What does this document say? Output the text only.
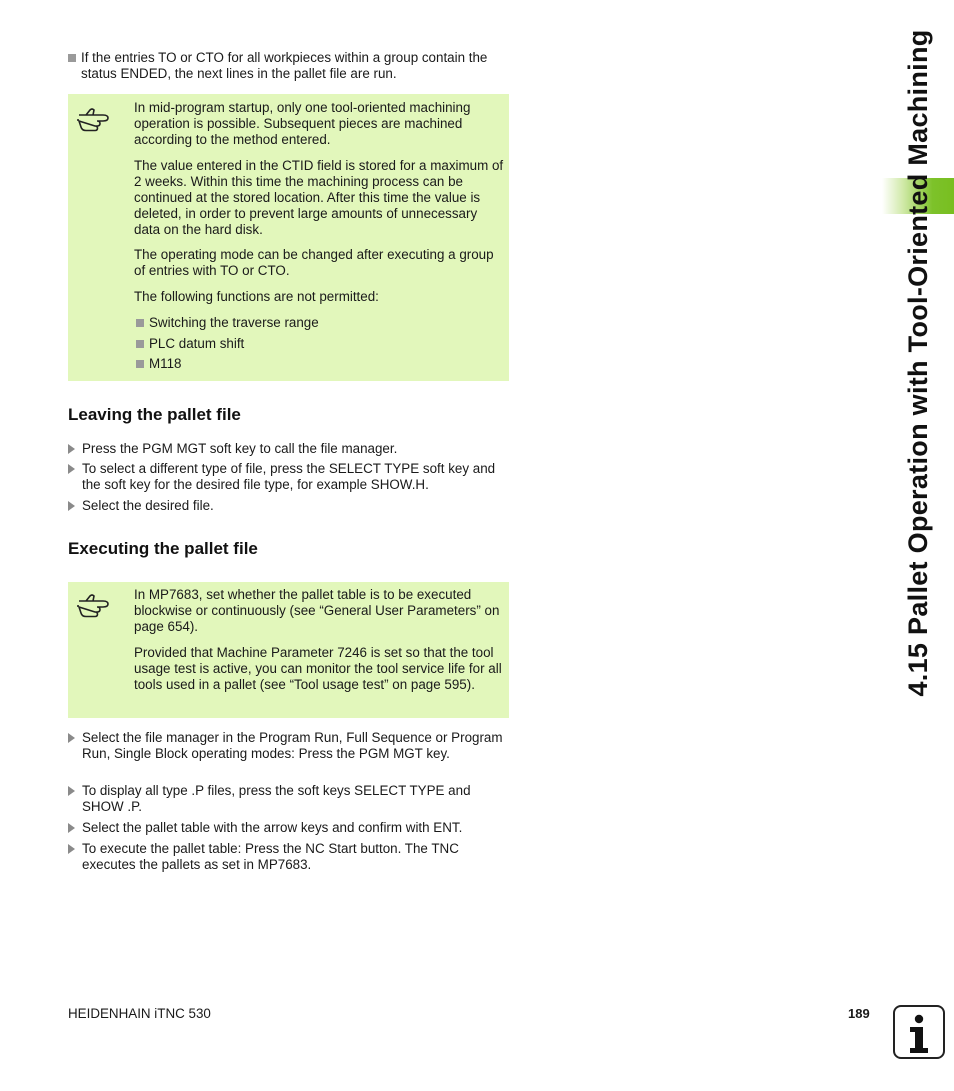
If the entries TO or CTO for all workpieces within a group contain the status ENDED, the next lines in the pallet file are run.

In mid-program startup, only one tool-oriented machining operation is possible. Subsequent pieces are machined according to the method entered.

The value entered in the CTID field is stored for a maximum of 2 weeks. Within this time the machining process can be continued at the stored location. After this time the value is deleted, in order to prevent large amounts of unnecessary data on the hard disk.

The operating mode can be changed after executing a group of entries with TO or CTO.

The following functions are not permitted:

Switching the traverse range
PLC datum shift
M118
Leaving the pallet file
Press the PGM MGT soft key to call the file manager.
To select a different type of file, press the SELECT TYPE soft key and the soft key for the desired file type, for example SHOW.H.
Select the desired file.
Executing the pallet file

In MP7683, set whether the pallet table is to be executed blockwise or continuously (see “General User Parameters” on page 654).

Provided that Machine Parameter 7246 is set so that the tool usage test is active, you can monitor the tool service life for all tools used in a pallet (see “Tool usage test” on page 595).

Select the file manager in the Program Run, Full Sequence or Program Run, Single Block operating modes: Press the PGM MGT key.
To display all type .P files, press the soft keys SELECT TYPE and SHOW .P.
Select the pallet table with the arrow keys and confirm with ENT.
To execute the pallet table: Press the NC Start button. The TNC executes the pallets as set in MP7683.
4.15 Pallet Operation with Tool-Oriented Machining
HEIDENHAIN iTNC 530	189
